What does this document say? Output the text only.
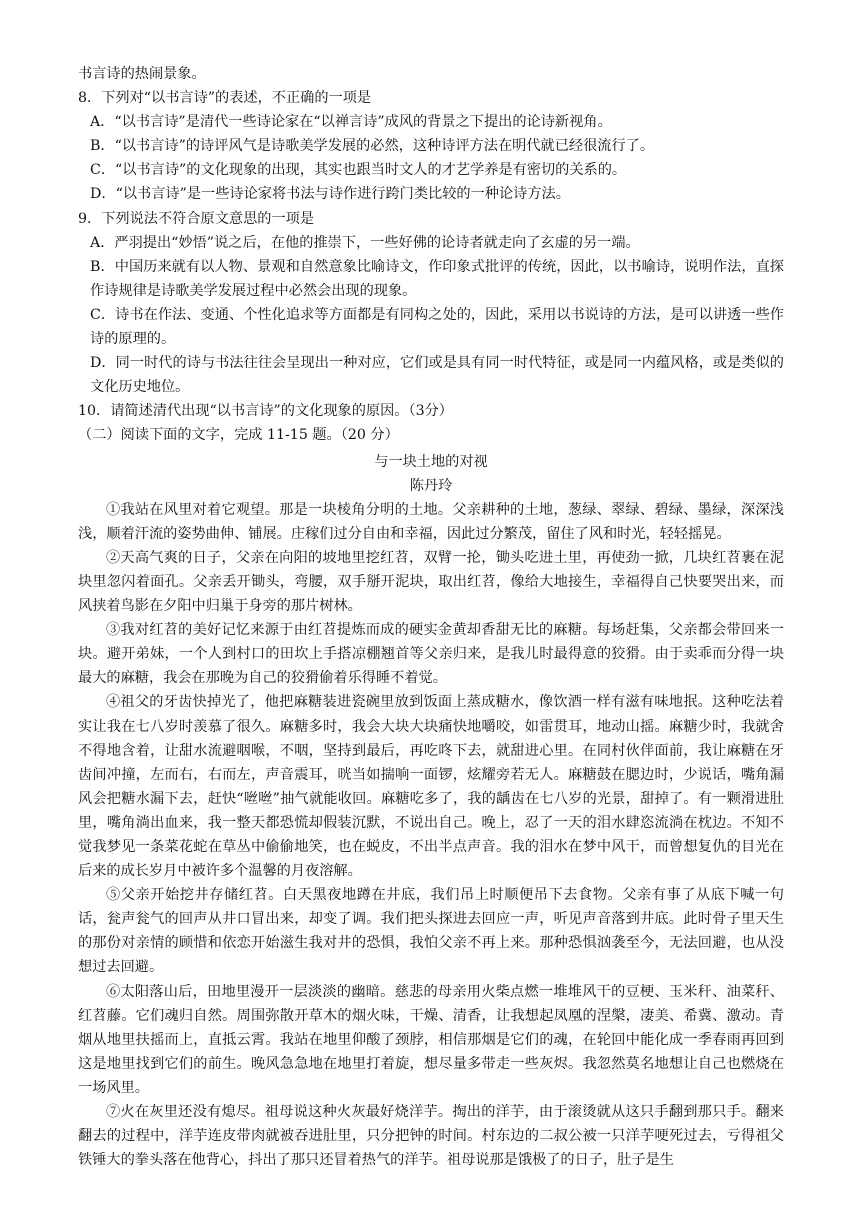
书言诗的热闹景象。

8．下列对“以书言诗”的表述，不正确的一项是

A．“以书言诗”是清代一些诗论家在“以禅言诗”成风的背景之下提出的论诗新视角。

B．“以书言诗”的诗评风气是诗歌美学发展的必然，这种诗评方法在明代就已经很流行了。

C．“以书言诗”的文化现象的出现，其实也跟当时文人的才艺学养是有密切的关系的。

D．“以书言诗”是一些诗论家将书法与诗作进行跨门类比较的一种论诗方法。

9．下列说法不符合原文意思的一项是

A．严羽提出“妙悟”说之后，在他的推崇下，一些好佛的论诗者就走向了玄虚的另一端。

B．中国历来就有以人物、景观和自然意象比喻诗文，作印象式批评的传统，因此，以书喻诗，说明作法，直探作诗规律是诗歌美学发展过程中必然会出现的现象。

C．诗书在作法、变通、个性化追求等方面都是有同构之处的，因此，采用以书说诗的方法，是可以讲透一些作诗的原理的。

D．同一时代的诗与书法往往会呈现出一种对应，它们或是具有同一时代特征，或是同一内蕴风格，或是类似的文化历史地位。

10．请简述清代出现“以书言诗”的文化现象的原因。（3分）

（二）阅读下面的文字，完成 11-15 题。（20 分）

与一块土地的对视

陈丹玲

①我站在风里对着它观望。那是一块棱角分明的土地。父亲耕种的土地，葱绿、翠绿、碧绿、墨绿，深深浅浅，顺着汗流的姿势曲伸、铺展。庄稼们过分自由和幸福，因此过分繁茂，留住了风和时光，轻轻摇晃。

②天高气爽的日子，父亲在向阳的坡地里挖红苕，双臂一抡，锄头吃进土里，再使劲一掀，几块红苕裹在泥块里忽闪着面孔。父亲丢开锄头，弯腰，双手掰开泥块，取出红苕，像给大地接生，幸福得自己快要哭出来，而风挟着鸟影在夕阳中归巢于身旁的那片树林。

③我对红苕的美好记忆来源于由红苕提炼而成的硬实金黄却香甜无比的麻糖。每场赶集，父亲都会带回来一块。避开弟妹，一个人到村口的田坎上手搭凉棚翘首等父亲归来，是我儿时最得意的狡猾。由于卖乖而分得一块最大的麻糖，我会在那晚为自己的狡猾偷着乐得睡不着觉。

④祖父的牙齿快掉光了，他把麻糖装进瓷碗里放到饭面上蒸成糖水，像饮酒一样有滋有味地抿。这种吃法着实让我在七八岁时羡慕了很久。麻糖多时，我会大块大块痛快地嚼咬，如雷贯耳，地动山摇。麻糖少时，我就舍不得地含着，让甜水流避咽喉，不咽，坚持到最后，再吃咚下去，就甜进心里。在同村伙伴面前，我让麻糖在牙齿间冲撞，左而右，右而左，声音震耳，咣当如揣响一面锣，炫耀旁若无人。麻糖鼓在腮边时，少说话，嘴角漏风会把糖水漏下去，赶快“咝咝”抽气就能收回。麻糖吃多了，我的龋齿在七八岁的光景，甜掉了。有一颗滑进肚里，嘴角淌出血来，我一整天都恐慌却假装沉默，不说出自己。晚上，忍了一天的泪水肆恣流淌在枕边。不知不觉我梦见一条菜花蛇在草丛中偷偷地笑，也在蜕皮，不出半点声音。我的泪水在梦中风干，而曾想复仇的目光在后来的成长岁月中被许多个温馨的月夜溶解。

⑤父亲开始挖井存储红苕。白天黑夜地蹲在井底，我们吊上时顺便吊下去食物。父亲有事了从底下喊一句话，瓮声瓮气的回声从井口冒出来，却变了调。我们把头探进去回应一声，听见声音落到井底。此时骨子里天生的那份对亲情的顾惜和依恋开始滋生我对井的恐惧，我怕父亲不再上来。那种恐惧汹袭至今，无法回避，也从没想过去回避。

⑥太阳落山后，田地里漫开一层淡淡的幽暗。慈悲的母亲用火柴点燃一堆堆风干的豆梗、玉米秆、油菜秆、红苕藤。它们魂归自然。周围弥散开草木的烟火味，干燥、清香，让我想起凤凰的涅槃，凄美、希冀、激动。青烟从地里扶摇而上，直抵云霄。我站在地里仰酸了颈脖，相信那烟是它们的魂，在轮回中能化成一季春雨再回到这是地里找到它们的前生。晚风急急地在地里打着旋，想尽量多带走一些灰烬。我忽然莫名地想让自己也燃烧在一场风里。

⑦火在灰里还没有熄尽。祖母说这种火灰最好烧洋芋。掏出的洋芋，由于滚烫就从这只手翻到那只手。翻来翻去的过程中，洋芋连皮带肉就被吞进肚里，只分把钟的时间。村东边的二叔公被一只洋芋哽死过去，亏得祖父铁锤大的拳头落在他背心，抖出了那只还冒着热气的洋芋。祖母说那是饿极了的日子，肚子是生
